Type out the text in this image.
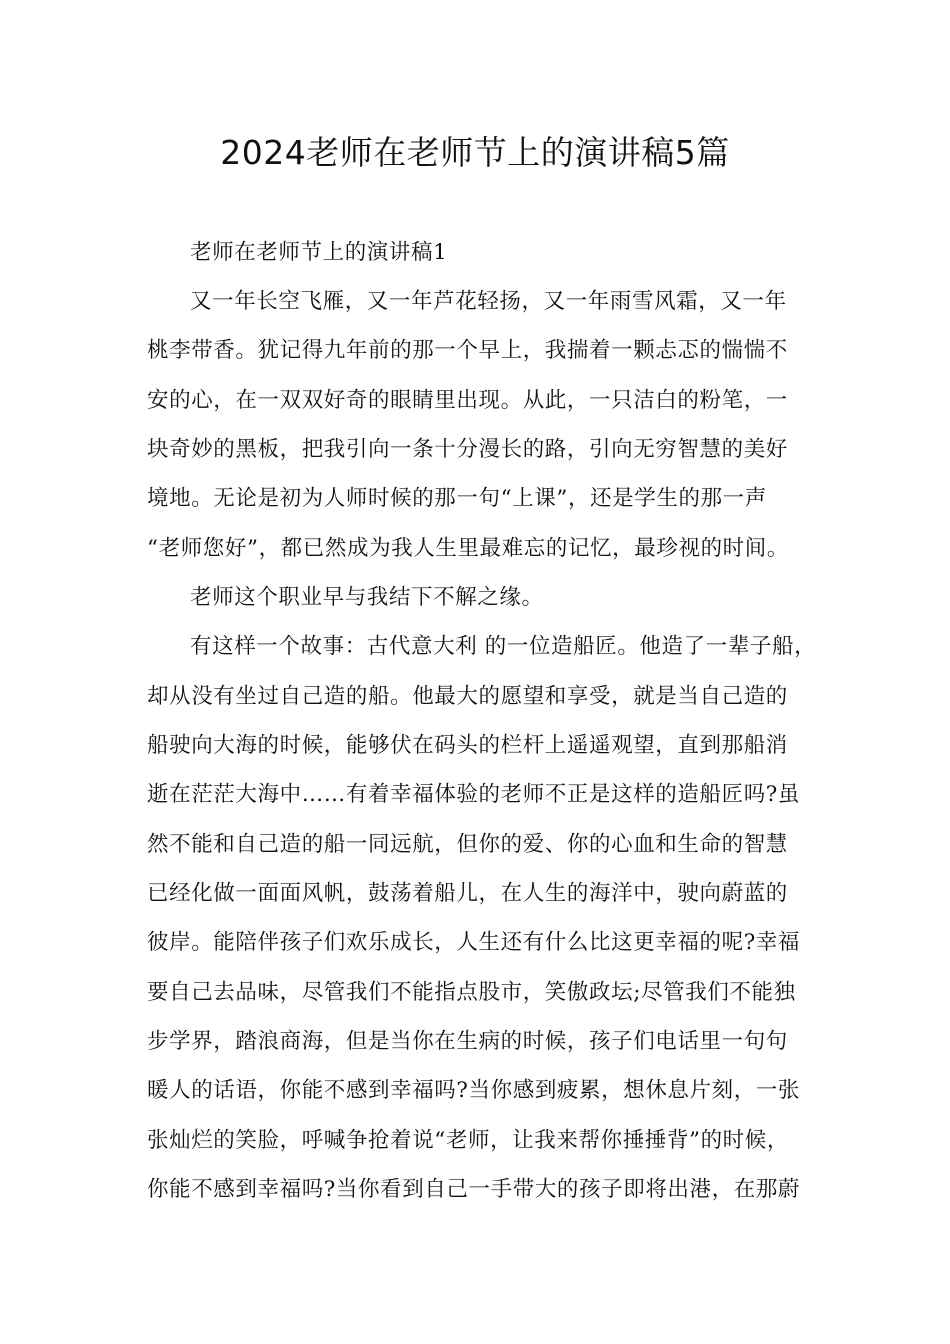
2024老师在老师节上的演讲稿5篇

老师在老师节上的演讲稿1

又一年长空飞雁，又一年芦花轻扬，又一年雨雪风霜，又一年

桃李带香。犹记得九年前的那一个早上，我揣着一颗忐忑的惴惴不

安的心，在一双双好奇的眼睛里出现。从此，一只洁白的粉笔，一

块奇妙的黑板，把我引向一条十分漫长的路，引向无穷智慧的美好

境地。无论是初为人师时候的那一句“上课”，还是学生的那一声

“老师您好”，都已然成为我人生里最难忘的记忆，最珍视的时间。

老师这个职业早与我结下不解之缘。

有这样一个故事：古代意大利 的一位造船匠。他造了一辈子船，

却从没有坐过自己造的船。他最大的愿望和享受，就是当自己造的

船驶向大海的时候，能够伏在码头的栏杆上遥遥观望，直到那船消

逝在茫茫大海中……有着幸福体验的老师不正是这样的造船匠吗?虽

然不能和自己造的船一同远航，但你的爱、你的心血和生命的智慧

已经化做一面面风帆，鼓荡着船儿，在人生的海洋中，驶向蔚蓝的

彼岸。能陪伴孩子们欢乐成长，人生还有什么比这更幸福的呢?幸福

要自己去品味，尽管我们不能指点股市，笑傲政坛;尽管我们不能独

步学界，踏浪商海，但是当你在生病的时候，孩子们电话里一句句

暖人的话语，你能不感到幸福吗?当你感到疲累，想休息片刻，一张

张灿烂的笑脸，呼喊争抢着说“老师，让我来帮你捶捶背”的时候，

你能不感到幸福吗?当你看到自己一手带大的孩子即将出港，在那蔚
